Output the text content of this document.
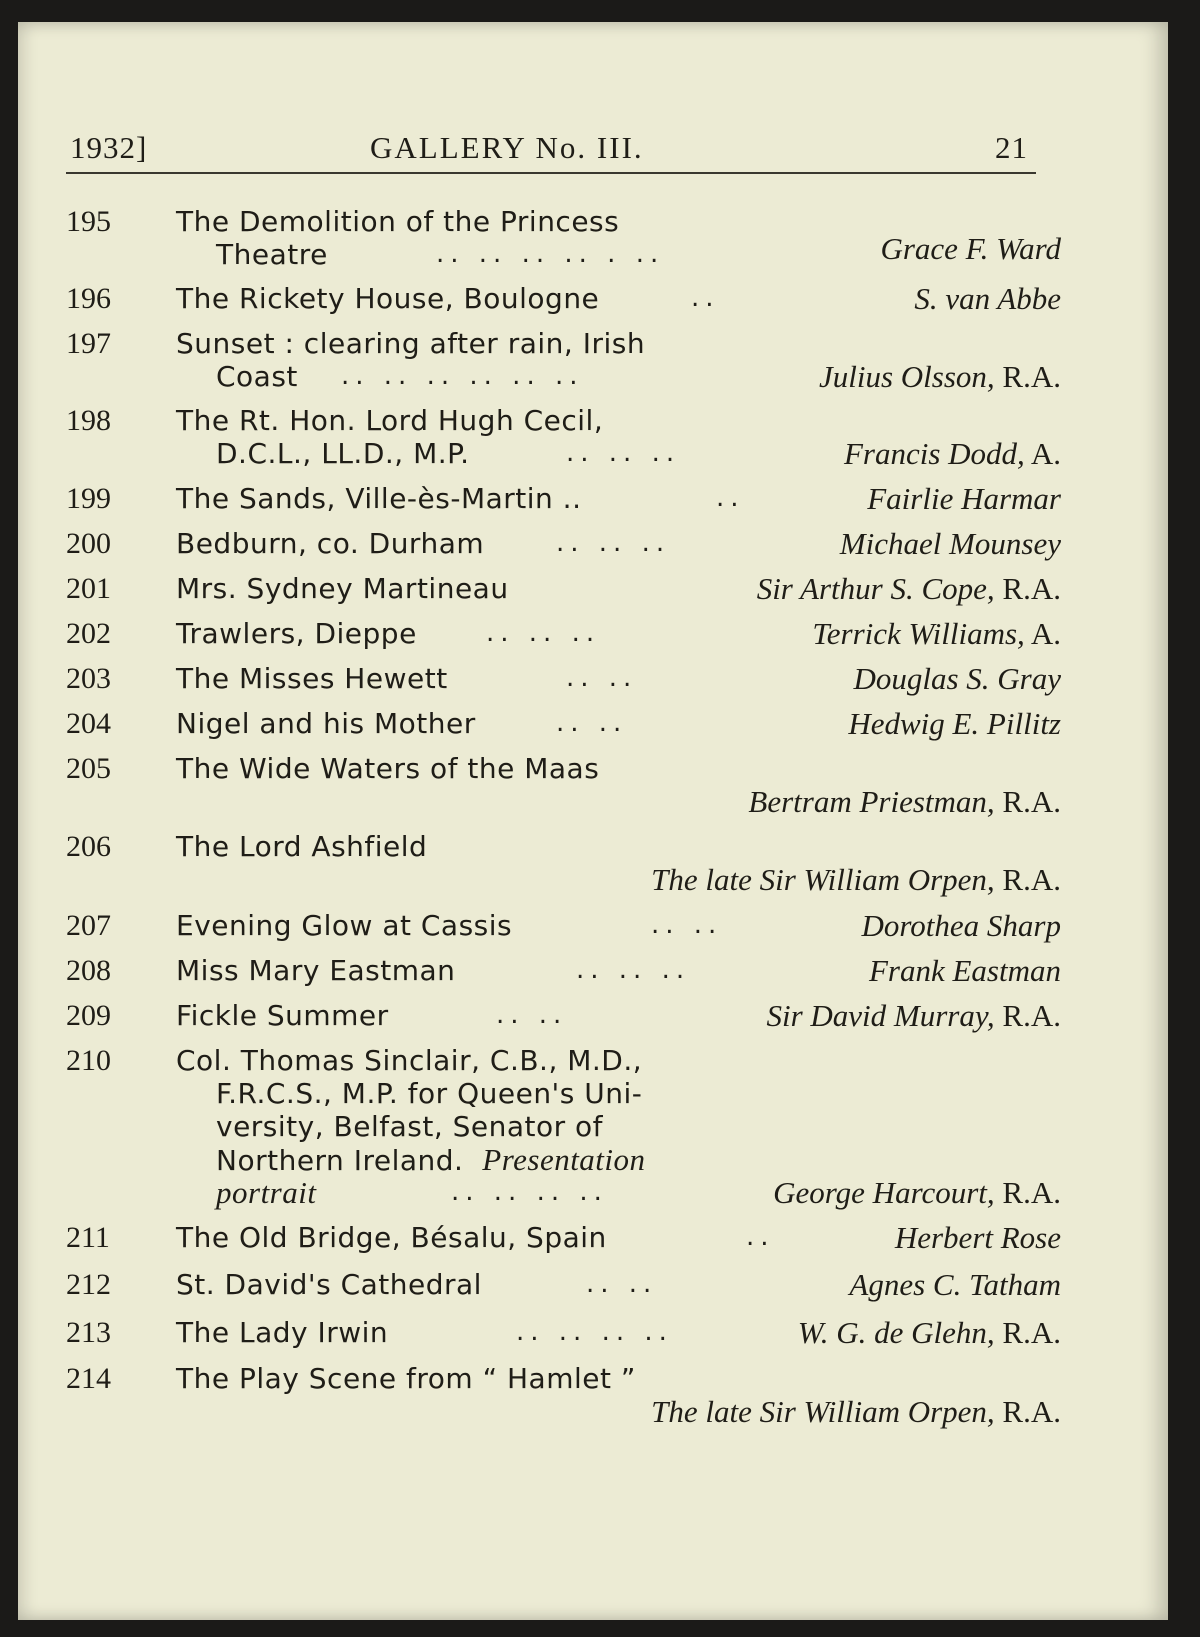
1932]	GALLERY No. III.	21
195	The Demolition of the Princess
Theatre	.. .. .. .. . ..	Grace F. Ward
196	The Rickety House, Boulogne	..	S. van Abbe
197	Sunset : clearing after rain, Irish
Coast .. .. .. .. .. ..	Julius Olsson, R.A.
198	The Rt. Hon. Lord Hugh Cecil,
D.C.L., LL.D., M.P.	.. .. ..	Francis Dodd, A.
199	The Sands, Ville-ès-Martin ..	..	Fairlie Harmar
200	Bedburn, co. Durham	.. .. ..	Michael Mounsey
201	Mrs. Sydney Martineau	Sir Arthur S. Cope, R.A.
202	Trawlers, Dieppe	.. .. ..	Terrick Williams, A.
203	The Misses Hewett	.. ..	Douglas S. Gray
204	Nigel and his Mother	.. ..	Hedwig E. Pillitz
205	The Wide Waters of the Maas
Bertram Priestman, R.A.
206	The Lord Ashfield
The late Sir William Orpen, R.A.
207	Evening Glow at Cassis	.. ..	Dorothea Sharp
208	Miss Mary Eastman	.. .. ..	Frank Eastman
209	Fickle Summer	.. ..	Sir David Murray, R.A.
210	Col. Thomas Sinclair, C.B., M.D.,
F.R.C.S., M.P. for Queen's Uni-
versity, Belfast, Senator of
Northern Ireland. Presentation
portrait	.. .. .. ..	George Harcourt, R.A.
211	The Old Bridge, Bésalu, Spain	..	Herbert Rose
212	St. David's Cathedral	.. ..	Agnes C. Tatham
213	The Lady Irwin	.. .. .. ..	W. G. de Glehn, R.A.
214	The Play Scene from “ Hamlet ”
The late Sir William Orpen, R.A.
